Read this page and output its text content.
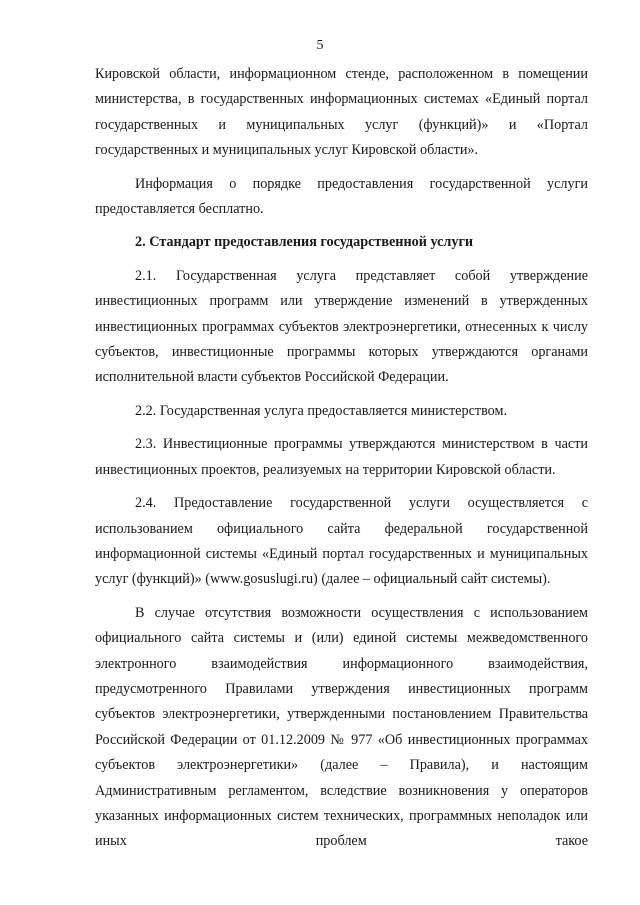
5

Кировской области, информационном стенде, расположенном в помещении министерства, в государственных информационных системах «Единый портал государственных и муниципальных услуг (функций)» и «Портал государственных и муниципальных услуг Кировской области».

Информация о порядке предоставления государственной услуги предоставляется бесплатно.

2. Стандарт предоставления государственной услуги

2.1. Государственная услуга представляет собой утверждение инвестиционных программ или утверждение изменений в утвержденных инвестиционных программах субъектов электроэнергетики, отнесенных к числу субъектов, инвестиционные программы которых утверждаются органами исполнительной власти субъектов Российской Федерации.

2.2. Государственная услуга предоставляется министерством.

2.3. Инвестиционные программы утверждаются министерством в части инвестиционных проектов, реализуемых на территории Кировской области.

2.4. Предоставление государственной услуги осуществляется с использованием официального сайта федеральной государственной информационной системы «Единый портал государственных и муниципальных услуг (функций)» (www.gosuslugi.ru) (далее – официальный сайт системы).

В случае отсутствия возможности осуществления с использованием официального сайта системы и (или) единой системы межведомственного электронного взаимодействия информационного взаимодействия, предусмотренного Правилами утверждения инвестиционных программ субъектов электроэнергетики, утвержденными постановлением Правительства Российской Федерации от 01.12.2009 № 977 «Об инвестиционных программах субъектов электроэнергетики» (далее – Правила), и настоящим Административным регламентом, вследствие возникновения у операторов указанных информационных систем технических, программных неполадок или иных проблем такое
